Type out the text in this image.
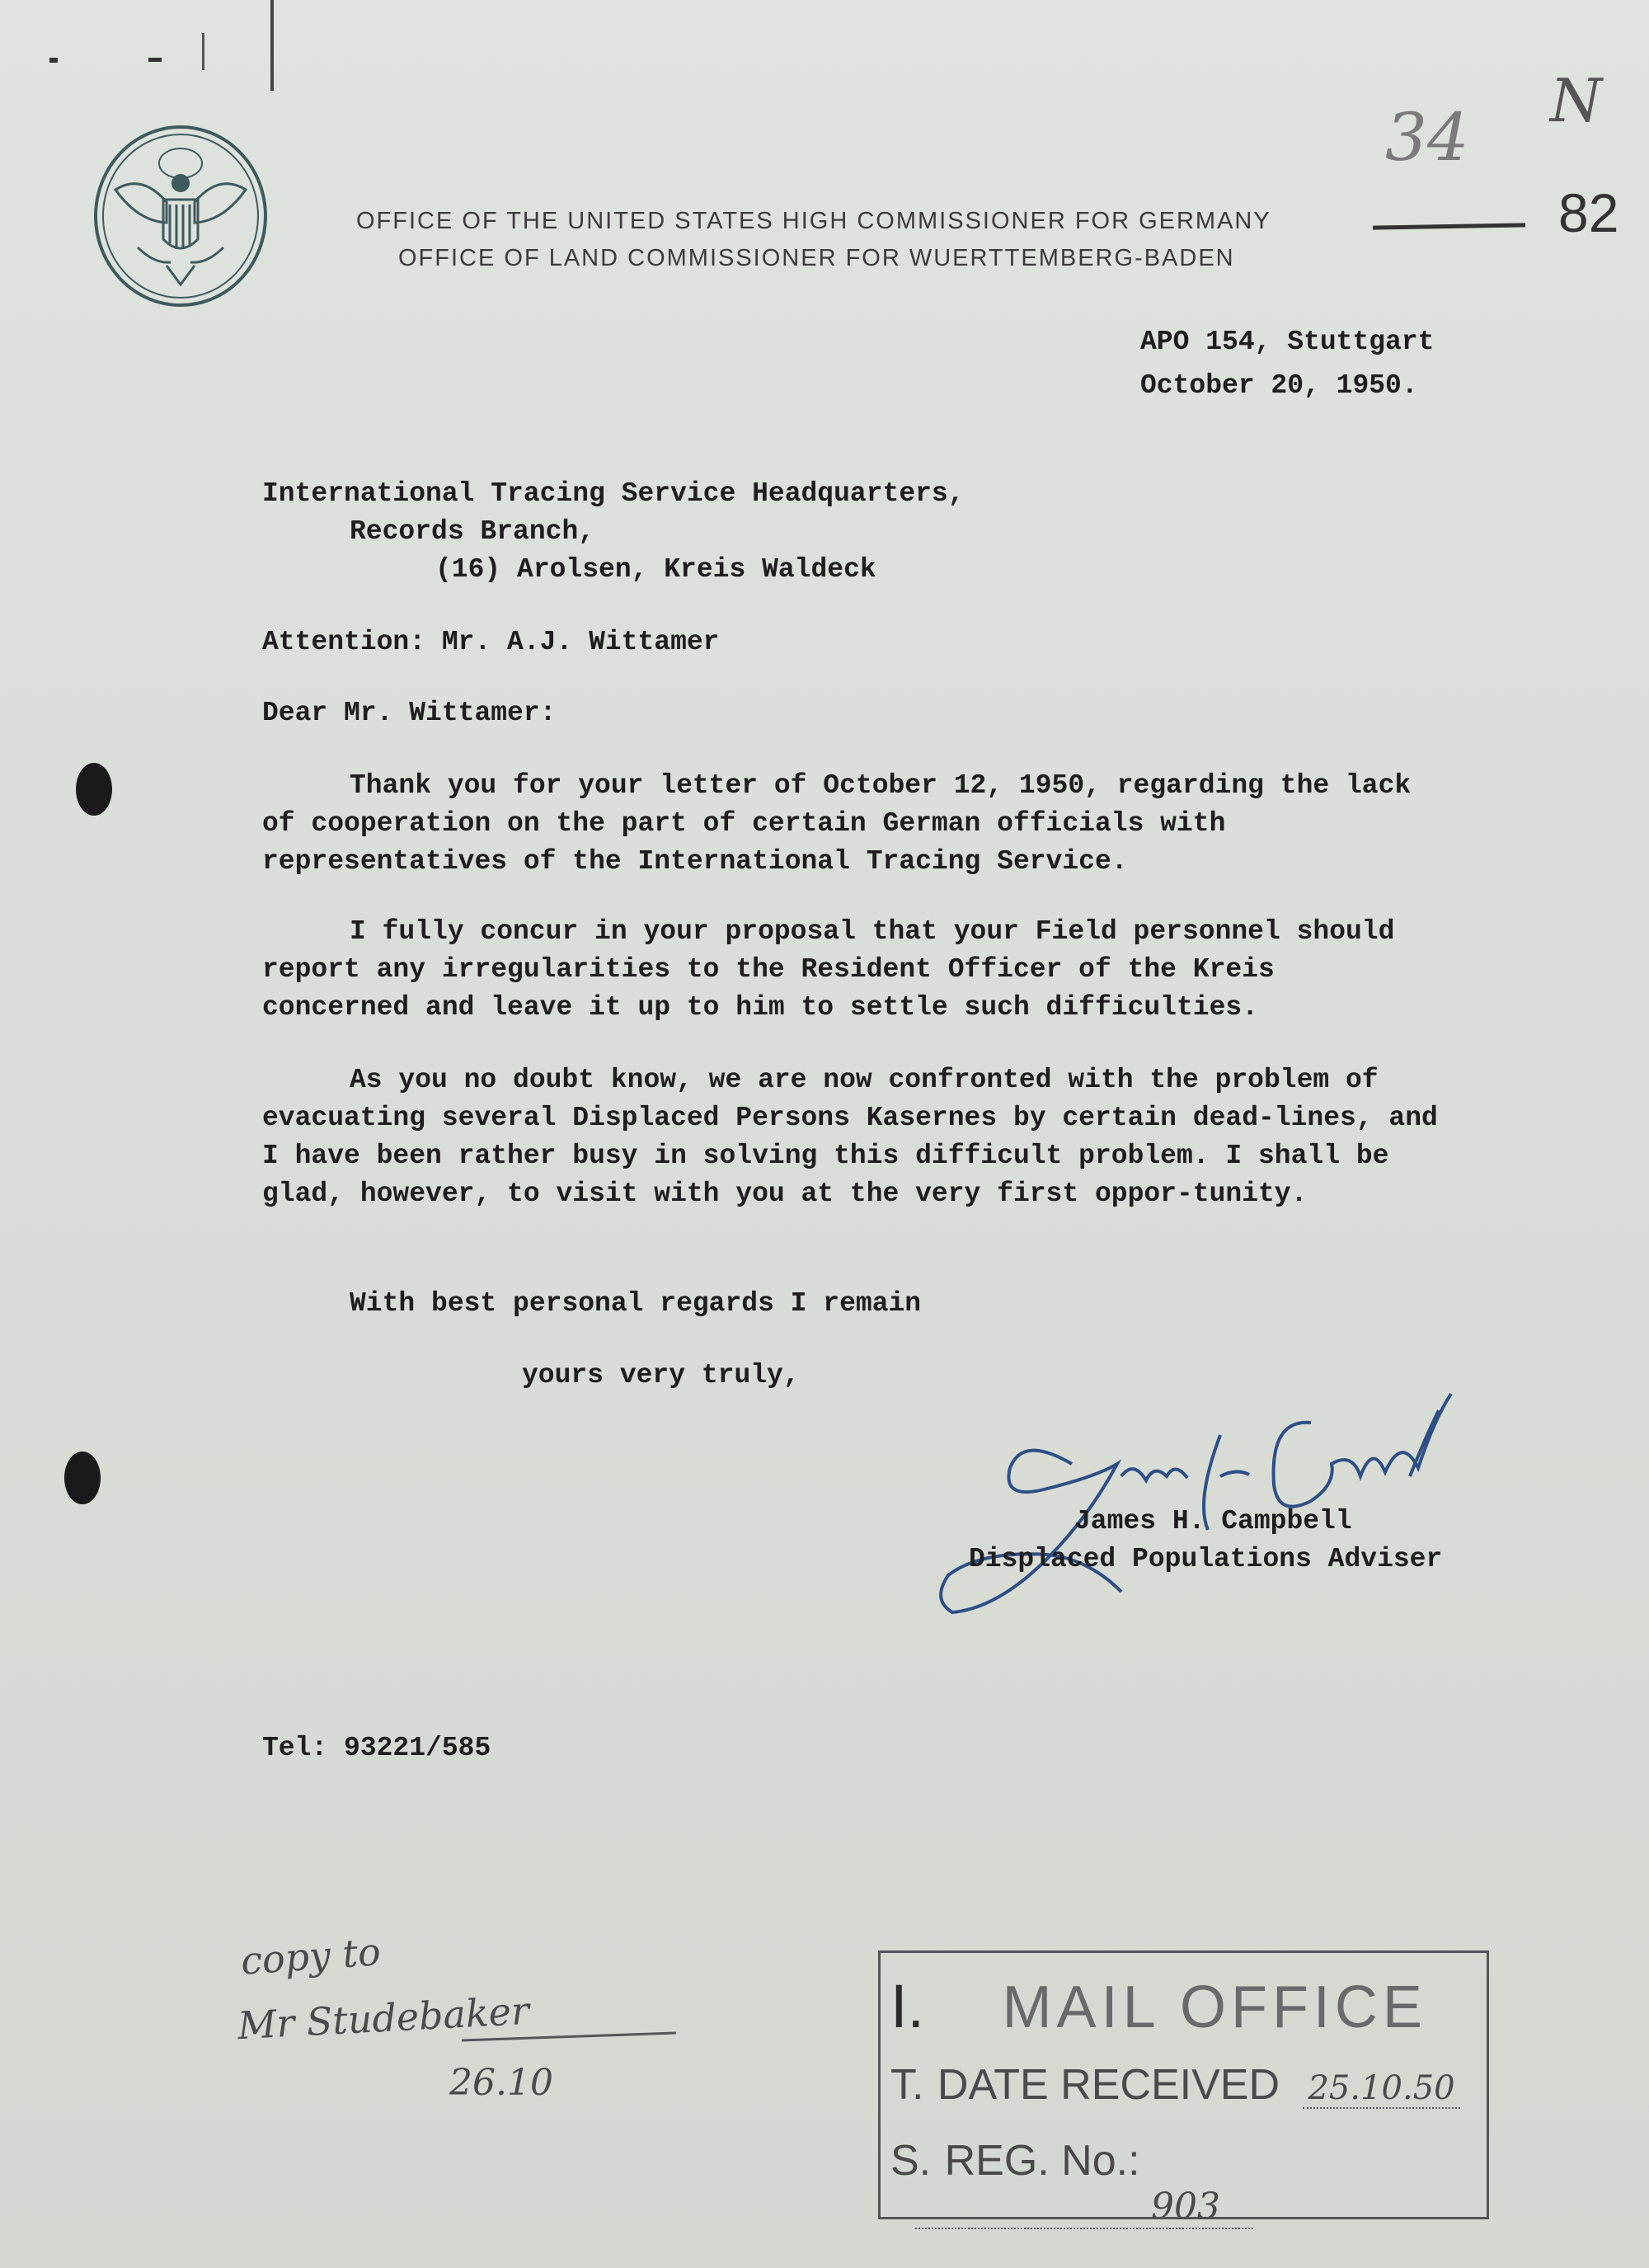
OFFICE OF THE UNITED STATES HIGH COMMISSIONER FOR GERMANY
OFFICE OF LAND COMMISSIONER FOR WUERTTEMBERG-BADEN
34 N
82
APO 154, Stuttgart
October 20, 1950.
International Tracing Service Headquarters,
Records Branch,
(16) Arolsen, Kreis Waldeck
Attention: Mr. A.J. Wittamer
Dear Mr. Wittamer:
Thank you for your letter of October 12, 1950, regarding the lack of cooperation on the part of certain German officials with representatives of the International Tracing Service.
I fully concur in your proposal that your Field personnel should report any irregularities to the Resident Officer of the Kreis concerned and leave it up to him to settle such difficulties.
As you no doubt know, we are now confronted with the problem of evacuating several Displaced Persons Kasernes by certain dead-lines, and I have been rather busy in solving this difficult problem. I shall be glad, however, to visit with you at the very first oppor-tunity.
With best personal regards I remain
yours very truly,
James H. Campbell
Displaced Populations Adviser
Tel: 93221/585
copy to
Mr Studebaker
26.10
I. MAIL OFFICE
T. DATE RECEIVED 25.10.50
S. REG. No.: 903
